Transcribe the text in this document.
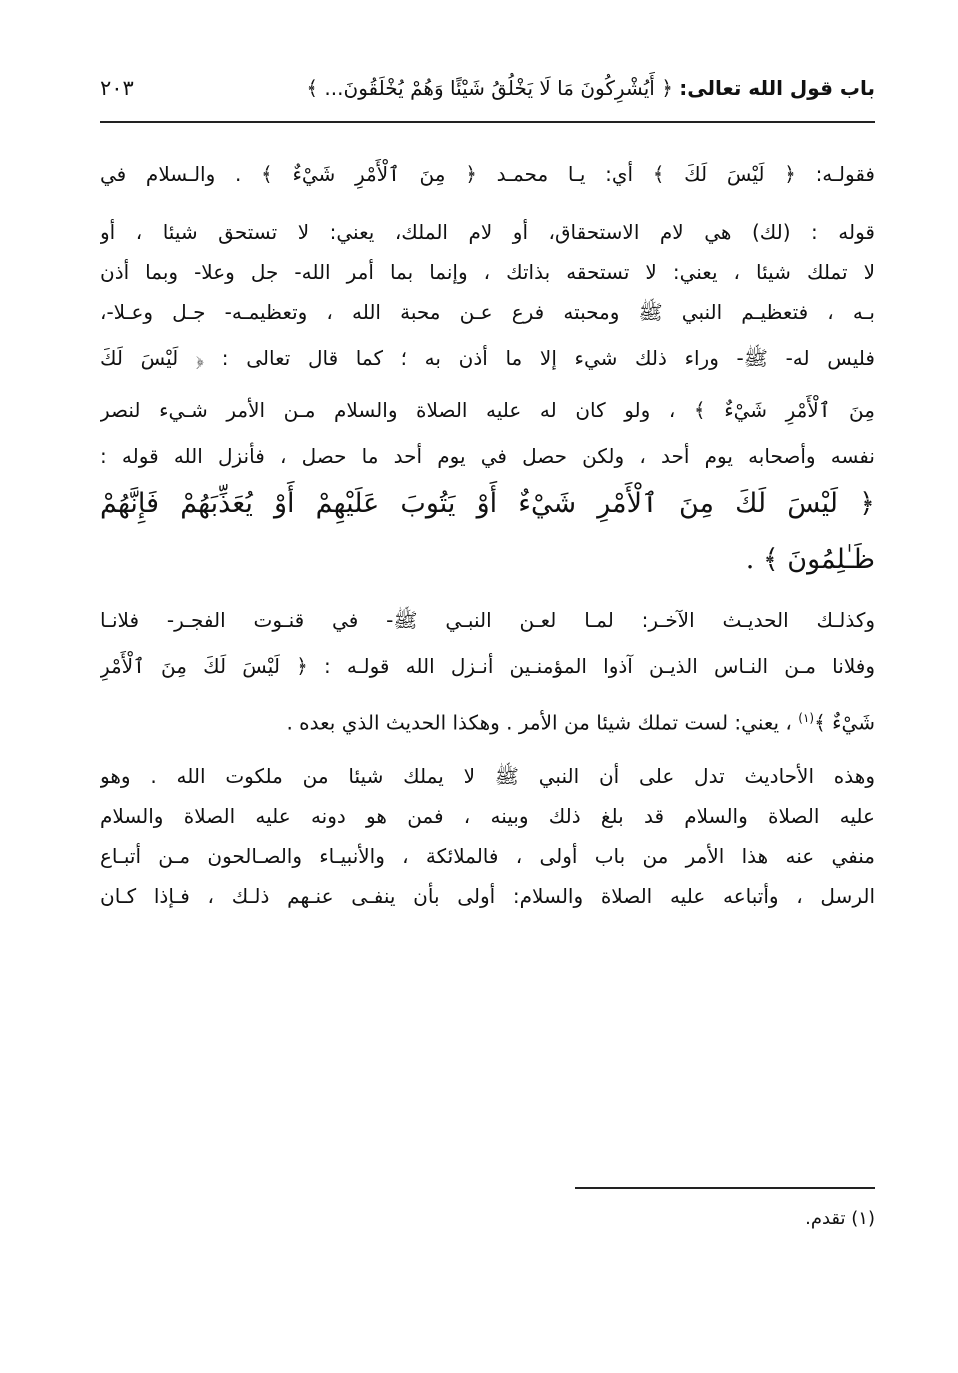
باب قول الله تعالى: ﴿ أَيُشْرِكُونَ مَا لَا يَخْلُقُ شَيْئًا وَهُمْ يُخْلَقُونَ... ﴾
٢٠٣
فقولـه: ﴿ لَيْسَ لَكَ ﴾ أي: يـا محمـد ﴿ مِنَ ٱلْأَمْرِ شَيْءٌ ﴾ . والـسلام في
قوله : (لك) هي لام الاستحقاق، أو لام الملك، يعني: لا تستحق شيئا ، أو
لا تملك شيئا ، يعني: لا تستحقه بذاتك ، وإنما بما أمر الله- جل وعلا- وبما أذن
بـه ، فتعظيـم النبي ﷺ ومحبته فرع عـن محبة الله ، وتعظيمـه- جـل وعـلا-،
فليس له- ﷺ- وراء ذلك شيء إلا ما أذن به ؛ كما قال تعالى : ﴿ لَيْسَ لَكَ
مِنَ ٱلْأَمْرِ شَيْءٌ ﴾ ، ولو كان له عليه الصلاة والسلام مـن الأمر شـيء لنصر
نفسه وأصحابه يوم أحد ، ولكن حصل في يوم أحد ما حصل ، فأنزل الله قوله :
﴿ لَيْسَ لَكَ مِنَ ٱلْأَمْرِ شَيْءٌ أَوْ يَتُوبَ عَلَيْهِمْ أَوْ يُعَذِّبَهُمْ فَإِنَّهُمْ
ظَـٰلِمُونَ ﴾ .
وكذلـك الحديـث الآخـر: لمـا لعـن النبـي ﷺ- في قنـوت الفجـر- فلانـا
وفلانا مـن النـاس الذيـن آذوا المؤمنـين أنـزل الله قولـه : ﴿ لَيْسَ لَكَ مِنَ ٱلْأَمْرِ
شَيْءٌ ﴾$^{(١)}$ ، يعني: لست تملك شيئا من الأمر . وهكذا الحديث الذي بعده .
وهذه الأحاديث تدل على أن النبي ﷺ لا يملك شيئا من ملكوت الله . وهو
عليه الصلاة والسلام قد بلغ ذلك وبينه ، فمن هو دونه عليه الصلاة والسلام
منفي عنه هذا الأمر من باب أولى ، فالملائكة ، والأنبيـاء والصـالحون مـن أتبـاع
الرسل ، وأتباعه عليه الصلاة والسلام: أولى بأن ينفـى عنـهم ذلـك ، فـإذا كـان
(١) تقدم.
